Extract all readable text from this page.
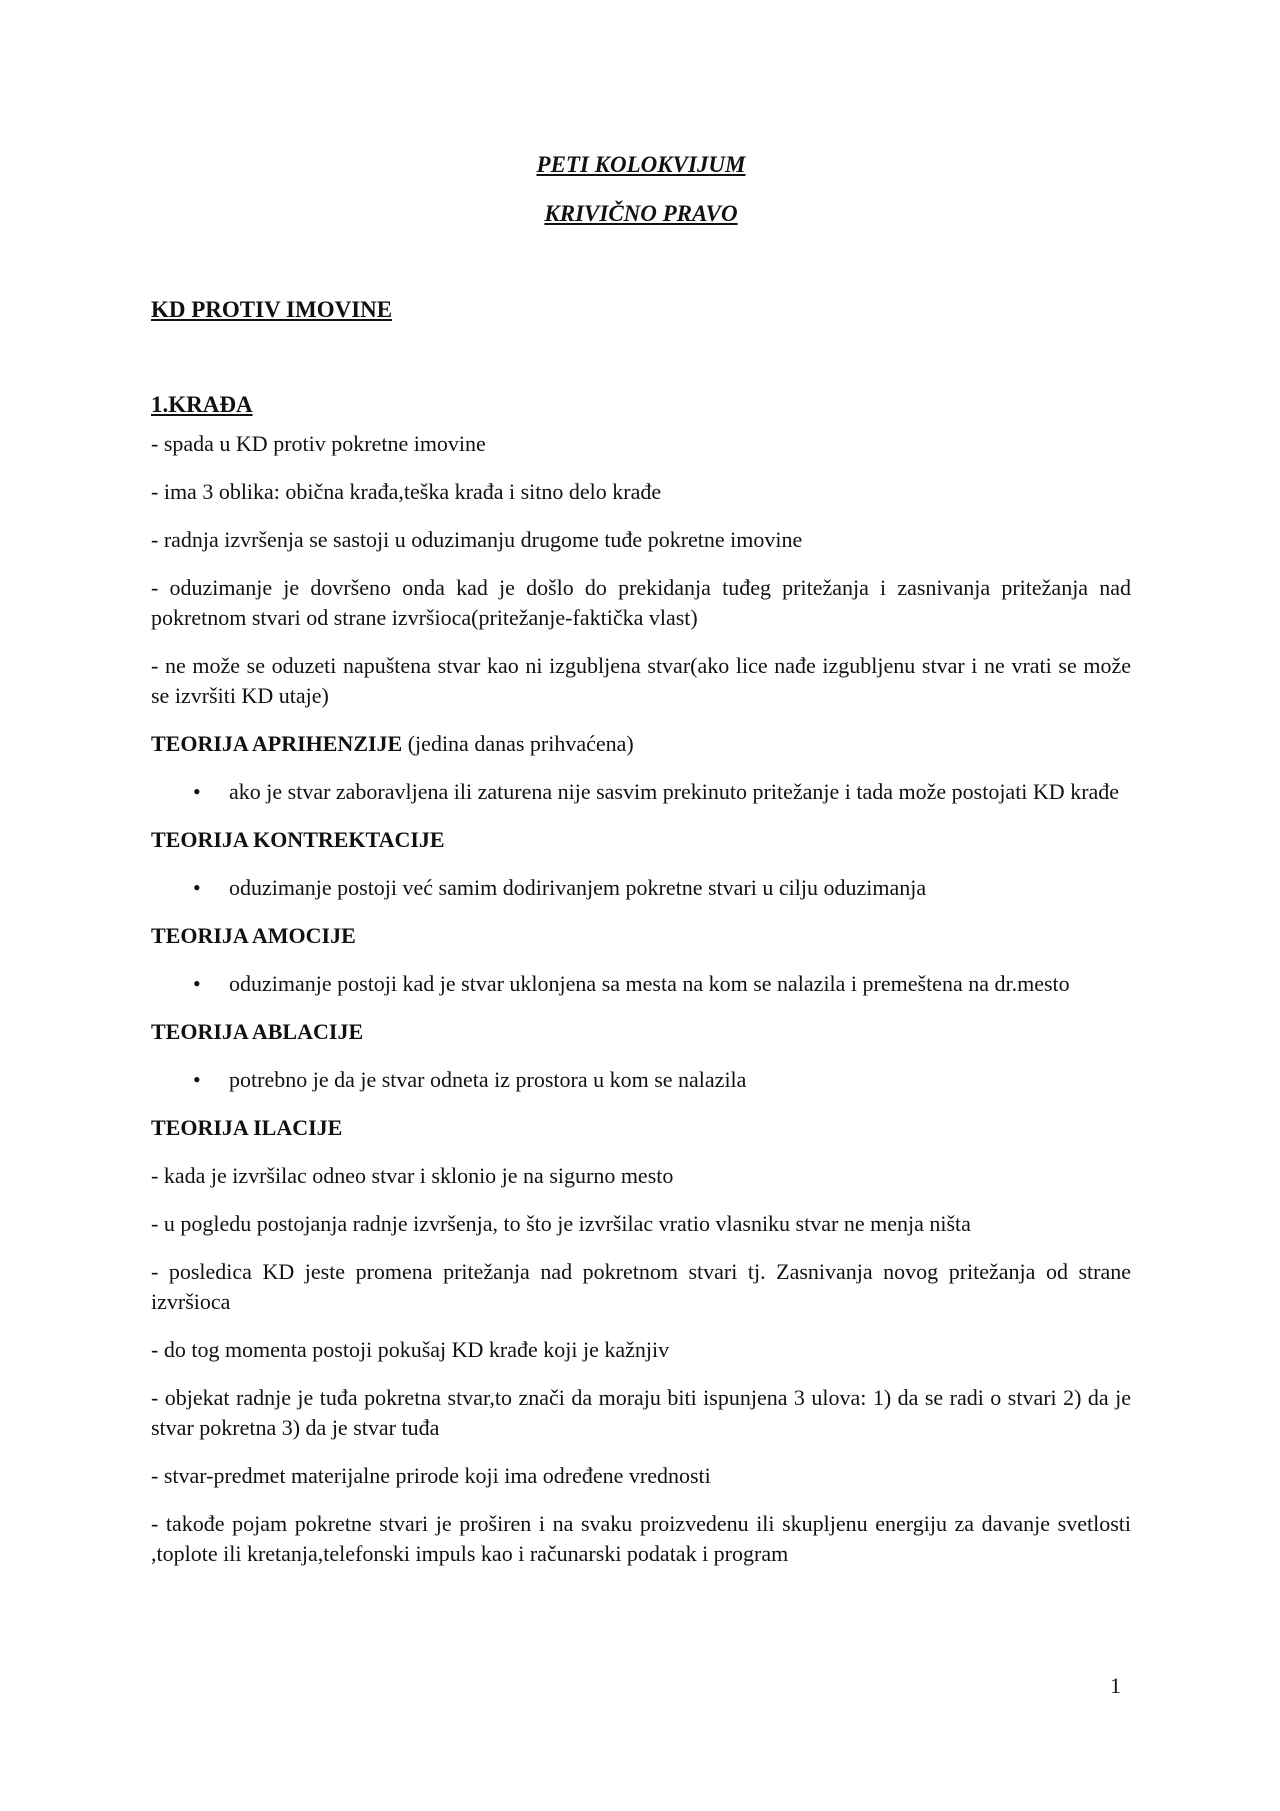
PETI KOLOKVIJUM

KRIVIČNO PRAVO

KD PROTIV IMOVINE

1.KRAĐA

- spada u KD protiv pokretne imovine

- ima 3 oblika: obična krađa,teška krađa i sitno delo krađe

- radnja izvršenja se sastoji u oduzimanju drugome tuđe pokretne imovine

- oduzimanje je dovršeno onda kad je došlo do prekidanja tuđeg pritežanja i zasnivanja pritežanja nad pokretnom stvari od strane izvršioca(pritežanje-faktička vlast)

- ne može se oduzeti napuštena stvar kao ni izgubljena stvar(ako lice nađe izgubljenu stvar i ne vrati se može se izvršiti KD utaje)

TEORIJA APRIHENZIJE (jedina danas prihvaćena)

• ako je stvar zaboravljena ili zaturena nije sasvim prekinuto pritežanje i tada može postojati KD krađe

TEORIJA KONTREKTACIJE

• oduzimanje postoji već samim dodirivanjem pokretne stvari u cilju oduzimanja

TEORIJA AMOCIJE

• oduzimanje postoji kad je stvar uklonjena sa mesta na kom se nalazila i premeštena na dr.mesto

TEORIJA ABLACIJE

• potrebno je da je stvar odneta iz prostora u kom se nalazila

TEORIJA ILACIJE

- kada je izvršilac odneo stvar i sklonio je na sigurno mesto

- u pogledu postojanja radnje izvršenja, to što je izvršilac vratio vlasniku stvar ne menja ništa

- posledica KD jeste promena pritežanja nad pokretnom stvari tj. Zasnivanja novog pritežanja od strane izvršioca

- do tog momenta postoji pokušaj KD krađe koji je kažnjiv

- objekat radnje je tuđa pokretna stvar,to znači da moraju biti ispunjena 3 ulova: 1) da se radi o stvari 2) da je stvar pokretna 3) da je stvar tuđa

- stvar-predmet materijalne prirode koji ima određene vrednosti

- takođe pojam pokretne stvari je proširen i na svaku proizvedenu ili skupljenu energiju za davanje svetlosti ,toplote ili kretanja,telefonski impuls kao i računarski podatak i program

1
